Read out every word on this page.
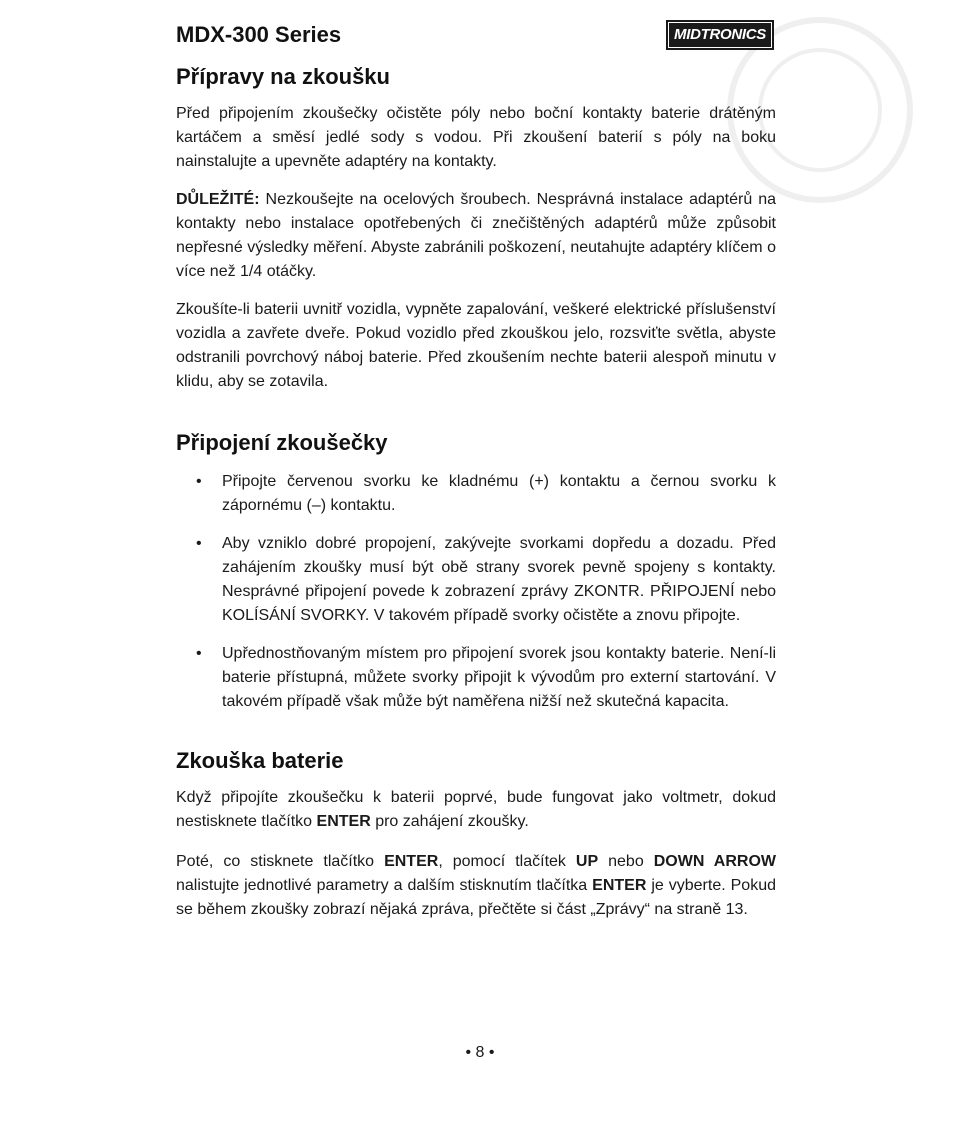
MDX-300 Series	MIDTRONICS
Přípravy na zkoušku

Před připojením zkoušečky očistěte póly nebo boční kontakty baterie drátěným kartáčem a směsí jedlé sody s vodou. Při zkoušení baterií s póly na boku nainstalujte a upevněte adaptéry na kontakty.

DŮLEŽITÉ: Nezkoušejte na ocelových šroubech. Nesprávná instalace adaptérů na kontakty nebo instalace opotřebených či znečištěných adaptérů může způsobit nepřesné výsledky měření. Abyste zabránili poškození, neutahujte adaptéry klíčem o více než 1/4 otáčky.

Zkoušíte-li baterii uvnitř vozidla, vypněte zapalování, veškeré elektrické příslušenství vozidla a zavřete dveře. Pokud vozidlo před zkouškou jelo, rozsviťte světla, abyste odstranili povrchový náboj baterie. Před zkoušením nechte baterii alespoň minutu v klidu, aby se zotavila.

Připojení zkoušečky
• Připojte červenou svorku ke kladnému (+) kontaktu a černou svorku k zápornému (–) kontaktu.
• Aby vzniklo dobré propojení, zakývejte svorkami dopředu a dozadu. Před zahájením zkoušky musí být obě strany svorek pevně spojeny s kontakty. Nesprávné připojení povede k zobrazení zprávy ZKONTR. PŘIPOJENÍ nebo KOLÍSÁNÍ SVORKY. V takovém případě svorky očistěte a znovu připojte.
• Upřednostňovaným místem pro připojení svorek jsou kontakty baterie. Není-li baterie přístupná, můžete svorky připojit k vývodům pro externí startování. V takovém případě však může být naměřena nižší než skutečná kapacita.
Zkouška baterie

Když připojíte zkoušečku k baterii poprvé, bude fungovat jako voltmetr, dokud nestisknete tlačítko ENTER pro zahájení zkoušky.

Poté, co stisknete tlačítko ENTER, pomocí tlačítek UP nebo DOWN ARROW nalistujte jednotlivé parametry a dalším stisknutím tlačítka ENTER je vyberte. Pokud se během zkoušky zobrazí nějaká zpráva, přečtěte si část „Zprávy“ na straně 13.

• 8 •
